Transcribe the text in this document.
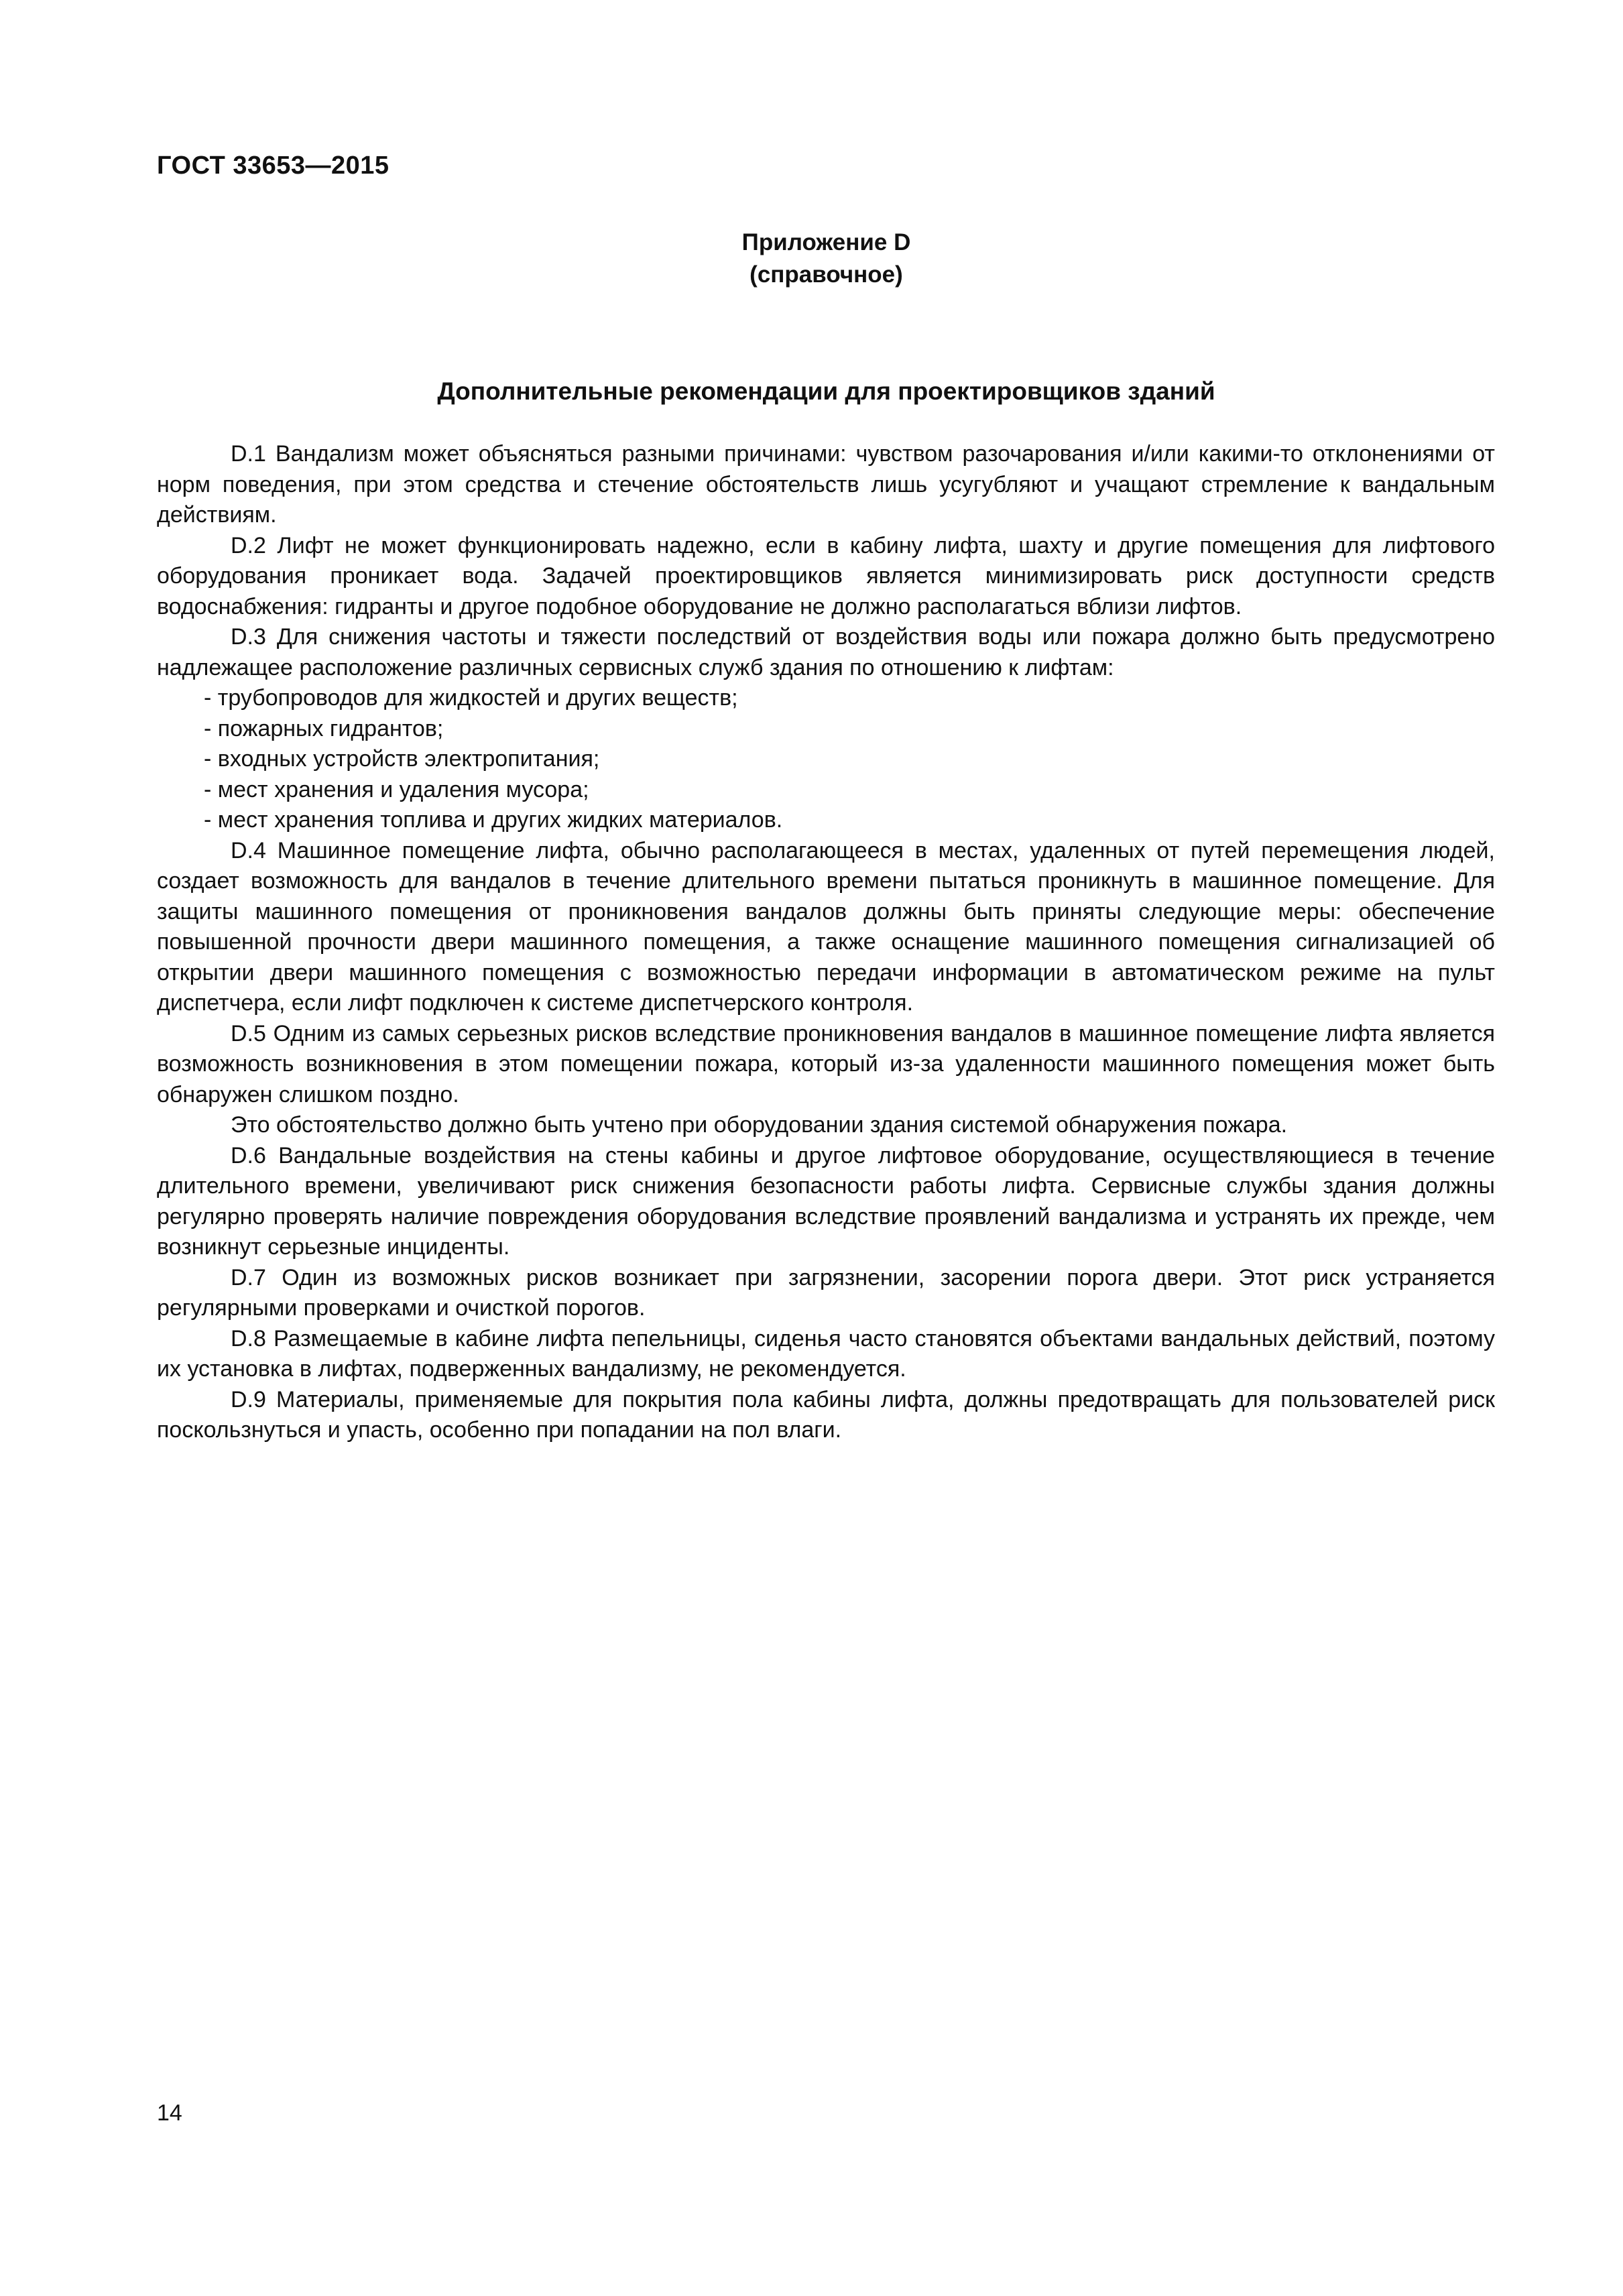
ГОСТ 33653—2015
Приложение D
(справочное)
Дополнительные рекомендации для проектировщиков зданий

D.1 Вандализм может объясняться разными причинами: чувством разочарования и/или какими-то отклонениями от норм поведения, при этом средства и стечение обстоятельств лишь усугубляют и учащают стремление к вандальным действиям.

D.2 Лифт не может функционировать надежно, если в кабину лифта, шахту и другие помещения для лифтового оборудования проникает вода. Задачей проектировщиков является минимизировать риск доступности средств водоснабжения: гидранты и другое подобное оборудование не должно располагаться вблизи лифтов.

D.3 Для снижения частоты и тяжести последствий от воздействия воды или пожара должно быть предусмотрено надлежащее расположение различных сервисных служб здания по отношению к лифтам:

- трубопроводов для жидкостей и других веществ;
- пожарных гидрантов;
- входных устройств электропитания;
- мест хранения и удаления мусора;
- мест хранения топлива и других жидких материалов.

D.4 Машинное помещение лифта, обычно располагающееся в местах, удаленных от путей перемещения людей, создает возможность для вандалов в течение длительного времени пытаться проникнуть в машинное помещение. Для защиты машинного помещения от проникновения вандалов должны быть приняты следующие меры: обеспечение повышенной прочности двери машинного помещения, а также оснащение машинного помещения сигнализацией об открытии двери машинного помещения с возможностью передачи информации в автоматическом режиме на пульт диспетчера, если лифт подключен к системе диспетчерского контроля.

D.5 Одним из самых серьезных рисков вследствие проникновения вандалов в машинное помещение лифта является возможность возникновения в этом помещении пожара, который из-за удаленности машинного помещения может быть обнаружен слишком поздно.

Это обстоятельство должно быть учтено при оборудовании здания системой обнаружения пожара.

D.6 Вандальные воздействия на стены кабины и другое лифтовое оборудование, осуществляющиеся в течение длительного времени, увеличивают риск снижения безопасности работы лифта. Сервисные службы здания должны регулярно проверять наличие повреждения оборудования вследствие проявлений вандализма и устранять их прежде, чем возникнут серьезные инциденты.

D.7 Один из возможных рисков возникает при загрязнении, засорении порога двери. Этот риск устраняется регулярными проверками и очисткой порогов.

D.8 Размещаемые в кабине лифта пепельницы, сиденья часто становятся объектами вандальных действий, поэтому их установка в лифтах, подверженных вандализму, не рекомендуется.

D.9 Материалы, применяемые для покрытия пола кабины лифта, должны предотвращать для пользователей риск поскользнуться и упасть, особенно при попадании на пол влаги.

14
